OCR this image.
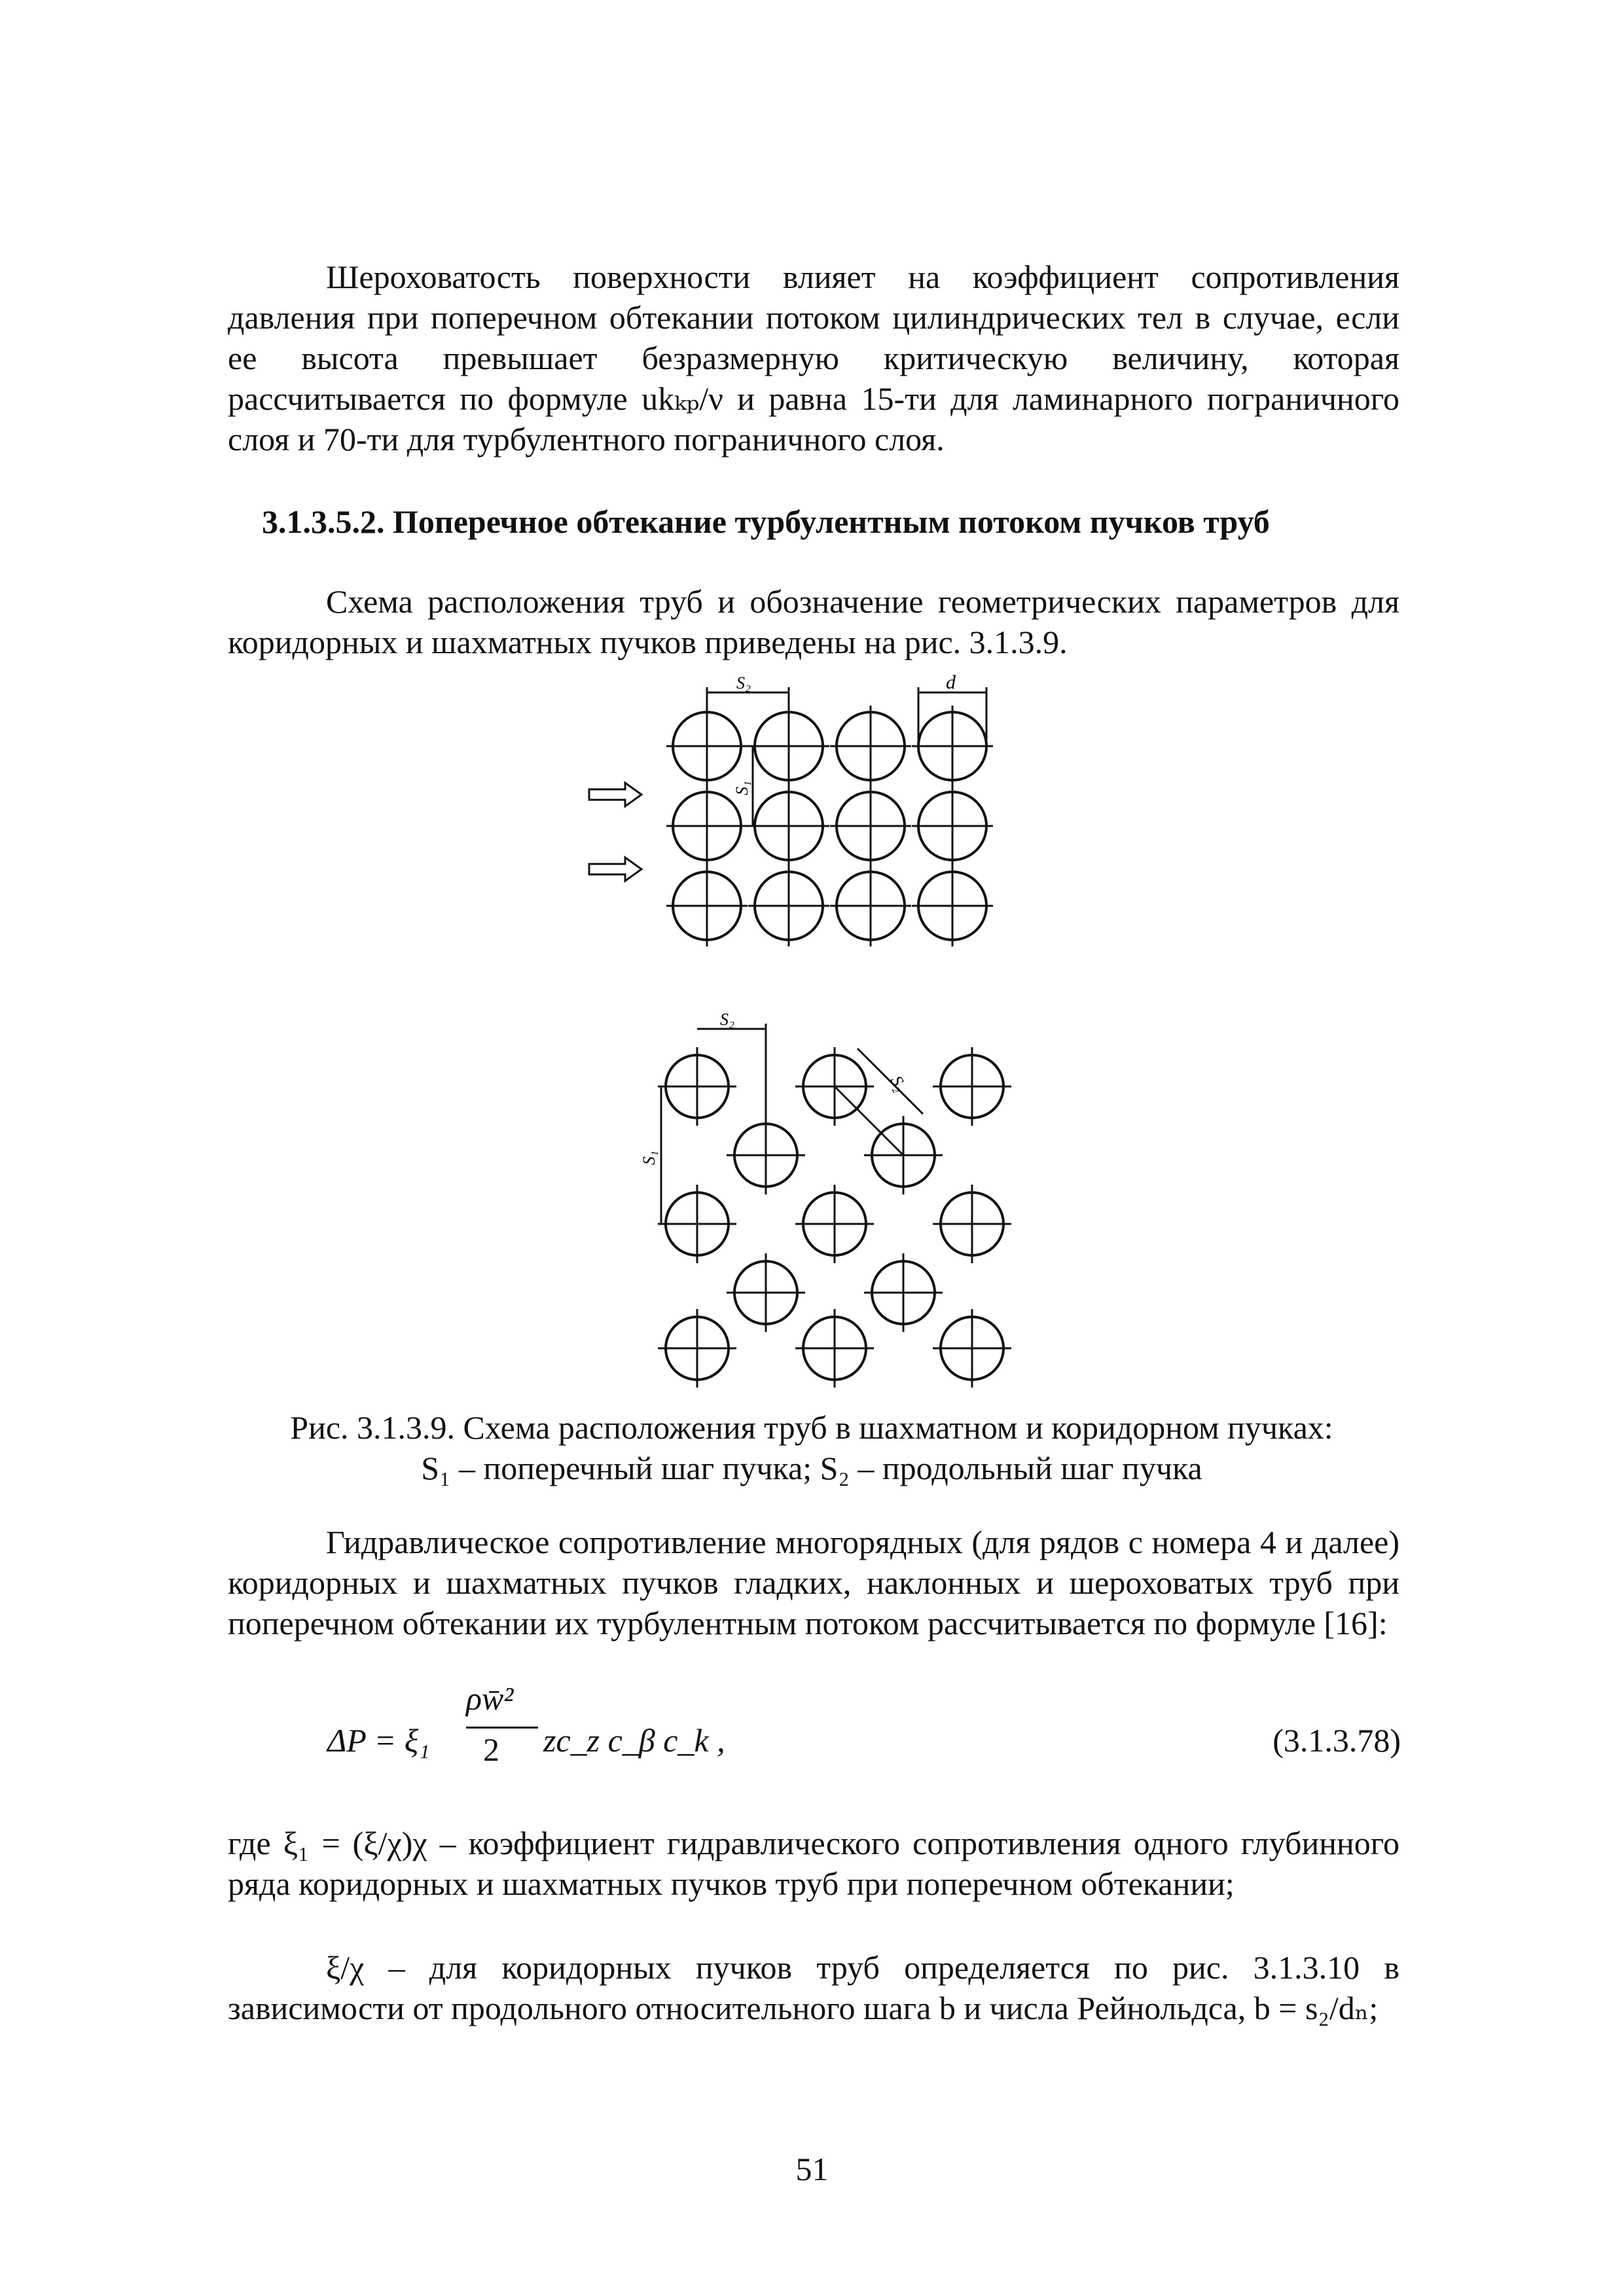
Шероховатость поверхности влияет на коэффициент сопротивления давления при поперечном обтекании потоком цилиндрических тел в случае, если ее высота превышает безразмерную критическую величину, которая рассчитывается по формуле ukₖₚ/ν и равна 15-ти для ламинарного пограничного слоя и 70-ти для турбулентного пограничного слоя.

3.1.3.5.2. Поперечное обтекание турбулентным потоком пучков труб

Схема расположения труб и обозначение геометрических параметров для коридорных и шахматных пучков приведены на рис. 3.1.3.9.

S₂	d
S₁
S₂
S₁
S₂
Рис. 3.1.3.9. Схема расположения труб в шахматном и коридорном пучках:
S₁ – поперечный шаг пучка; S₂ – продольный шаг пучка

Гидравлическое сопротивление многорядных (для рядов с номера 4 и далее) коридорных и шахматных пучков гладких, наклонных и шероховатых труб при поперечном обтекании их турбулентным потоком рассчитывается по формуле [16]:

ΔP = ξ₁
ρw̄²
2 zc_z c_β c_k ,	(3.1.3.78)

где ξ₁ = (ξ/χ)χ – коэффициент гидравлического сопротивления одного глубинного ряда коридорных и шахматных пучков труб при поперечном обтекании;

ξ/χ – для коридорных пучков труб определяется по рис. 3.1.3.10 в зависимости от продольного относительного шага b и числа Рейнольдса, b = s₂/dₙ;

51
